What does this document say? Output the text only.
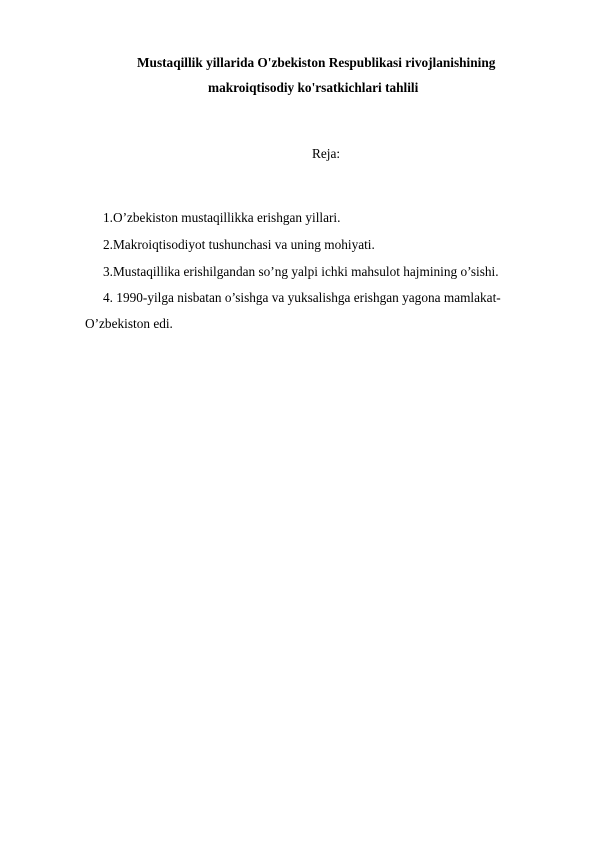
Mustaqillik yillarida O'zbekiston Respublikasi rivojlanishining
makroiqtisodiy ko'rsatkichlari tahlili
Reja:
1.O’zbekiston mustaqillikka erishgan yillari.
2.Makroiqtisodiyot tushunchasi va uning mohiyati.
3.Mustaqillika erishilgandan so’ng yalpi ichki mahsulot hajmining o’sishi.
4. 1990-yilga nisbatan o’sishga va yuksalishga erishgan yagona mamlakat-
O’zbekiston edi.
